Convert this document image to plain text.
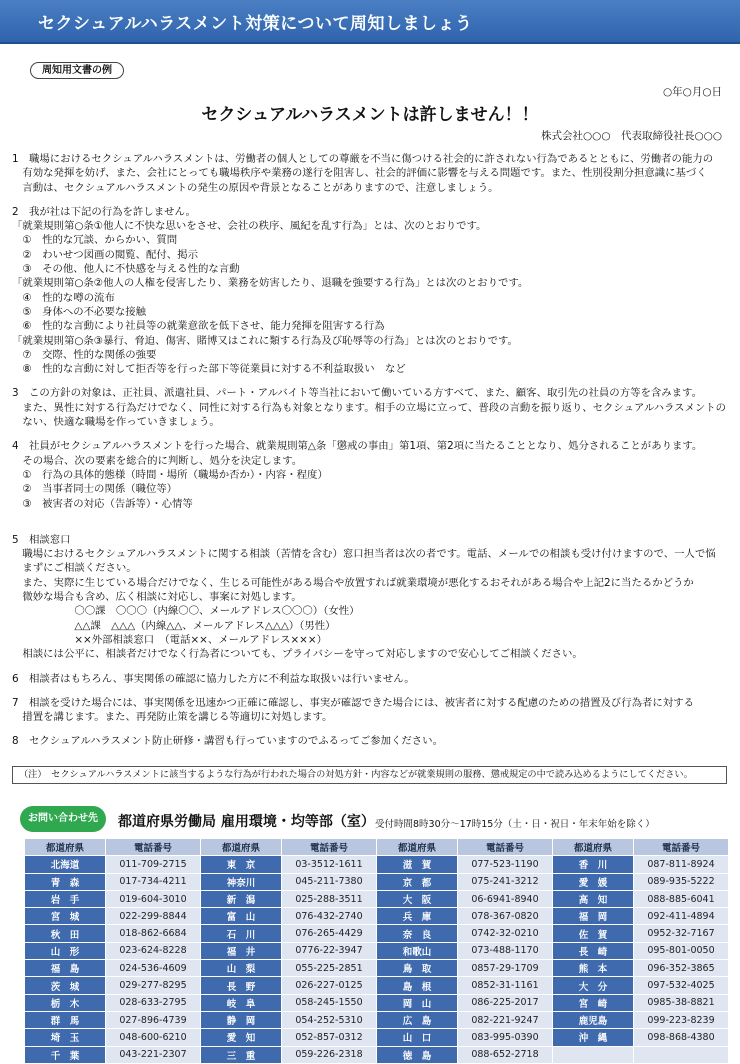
セクシュアルハラスメント対策について周知しましょう
周知用文書の例
○年○月○日
セクシュアルハラスメントは許しません！！
株式会社○○○　代表取締役社長○○○
1　職場におけるセクシュアルハラスメントは、労働者の個人としての尊厳を不当に傷つける社会的に許されない行為であるとともに、労働者の能力の
　有効な発揮を妨げ、また、会社にとっても職場秩序や業務の遂行を阻害し、社会的評価に影響を与える問題です。また、性別役割分担意識に基づく
　言動は、セクシュアルハラスメントの発生の原因や背景となることがありますので、注意しましょう。
2　我が社は下記の行為を許しません。
「就業規則第○条①他人に不快な思いをさせ、会社の秩序、風紀を乱す行為」とは、次のとおりです。
　①　性的な冗談、からかい、質問
　②　わいせつ図画の閲覧、配付、掲示
　③　その他、他人に不快感を与える性的な言動
「就業規則第○条②他人の人権を侵害したり、業務を妨害したり、退職を強要する行為」とは次のとおりです。
　④　性的な噂の流布
　⑤　身体への不必要な接触
　⑥　性的な言動により社員等の就業意欲を低下させ、能力発揮を阻害する行為
「就業規則第○条③暴行、脅迫、傷害、賭博又はこれに類する行為及び恥辱等の行為」とは次のとおりです。
　⑦　交際、性的な関係の強要
　⑧　性的な言動に対して拒否等を行った部下等従業員に対する不利益取扱い　など
3　この方針の対象は、正社員、派遣社員、パート・アルバイト等当社において働いている方すべて、また、顧客、取引先の社員の方等を含みます。
　また、異性に対する行為だけでなく、同性に対する行為も対象となります。相手の立場に立って、普段の言動を振り返り、セクシュアルハラスメントの
　ない、快適な職場を作っていきましょう。
4　社員がセクシュアルハラスメントを行った場合、就業規則第△条「懲戒の事由」第1項、第2項に当たることとなり、処分されることがあります。
　その場合、次の要素を総合的に判断し、処分を決定します。
　①　行為の具体的態様（時間・場所（職場か否か）・内容・程度）
　②　当事者同士の関係（職位等）
　③　被害者の対応（告訴等）・心情等
5　相談窓口
　職場におけるセクシュアルハラスメントに関する相談（苦情を含む）窓口担当者は次の者です。電話、メールでの相談も受け付けますので、一人で悩
　まずにご相談ください。
　また、実際に生じている場合だけでなく、生じる可能性がある場合や放置すれば就業環境が悪化するおそれがある場合や上記2に当たるかどうか
　微妙な場合も含め、広く相談に対応し、事案に対処します。
　　　　　　〇〇課　〇〇〇（内線〇〇、メールアドレス〇〇〇）（女性）
　　　　　　△△課　△△△（内線△△、メールアドレス△△△）（男性）
　　　　　　××外部相談窓口　（電話××、メールアドレス×××）
　相談には公平に、相談者だけでなく行為者についても、プライバシーを守って対応しますので安心してご相談ください。
6　相談者はもちろん、事実関係の確認に協力した方に不利益な取扱いは行いません。
7　相談を受けた場合には、事実関係を迅速かつ正確に確認し、事実が確認できた場合には、被害者に対する配慮のための措置及び行為者に対する
　措置を講じます。また、再発防止策を講じる等適切に対処します。
8　セクシュアルハラスメント防止研修・講習も行っていますのでふるってご参加ください。
（注）　セクシュアルハラスメントに該当するような行為が行われた場合の対処方針・内容などが就業規則の服務、懲戒規定の中で読み込めるようにしてください。
お問い合わせ先	都道府県労働局 雇用環境・均等部（室） 受付時間8時30分～17時15分（土・日・祝日・年末年始を除く）
都道府県	電話番号	都道府県	電話番号	都道府県	電話番号	都道府県	電話番号
北海道	011-709-2715	東　京	03-3512-1611	滋　賀	077-523-1190	香　川	087-811-8924
青　森	017-734-4211	神奈川	045-211-7380	京　都	075-241-3212	愛　媛	089-935-5222
岩　手	019-604-3010	新　潟	025-288-3511	大　阪	06-6941-8940	高　知	088-885-6041
宮　城	022-299-8844	富　山	076-432-2740	兵　庫	078-367-0820	福　岡	092-411-4894
秋　田	018-862-6684	石　川	076-265-4429	奈　良	0742-32-0210	佐　賀	0952-32-7167
山　形	023-624-8228	福　井	0776-22-3947	和歌山	073-488-1170	長　崎	095-801-0050
福　島	024-536-4609	山　梨	055-225-2851	鳥　取	0857-29-1709	熊　本	096-352-3865
茨　城	029-277-8295	長　野	026-227-0125	島　根	0852-31-1161	大　分	097-532-4025
栃　木	028-633-2795	岐　阜	058-245-1550	岡　山	086-225-2017	宮　崎	0985-38-8821
群　馬	027-896-4739	静　岡	054-252-5310	広　島	082-221-9247	鹿児島	099-223-8239
埼　玉	048-600-6210	愛　知	052-857-0312	山　口	083-995-0390	沖　縄	098-868-4380
千　葉	043-221-2307	三　重	059-226-2318	徳　島	088-652-2718		
